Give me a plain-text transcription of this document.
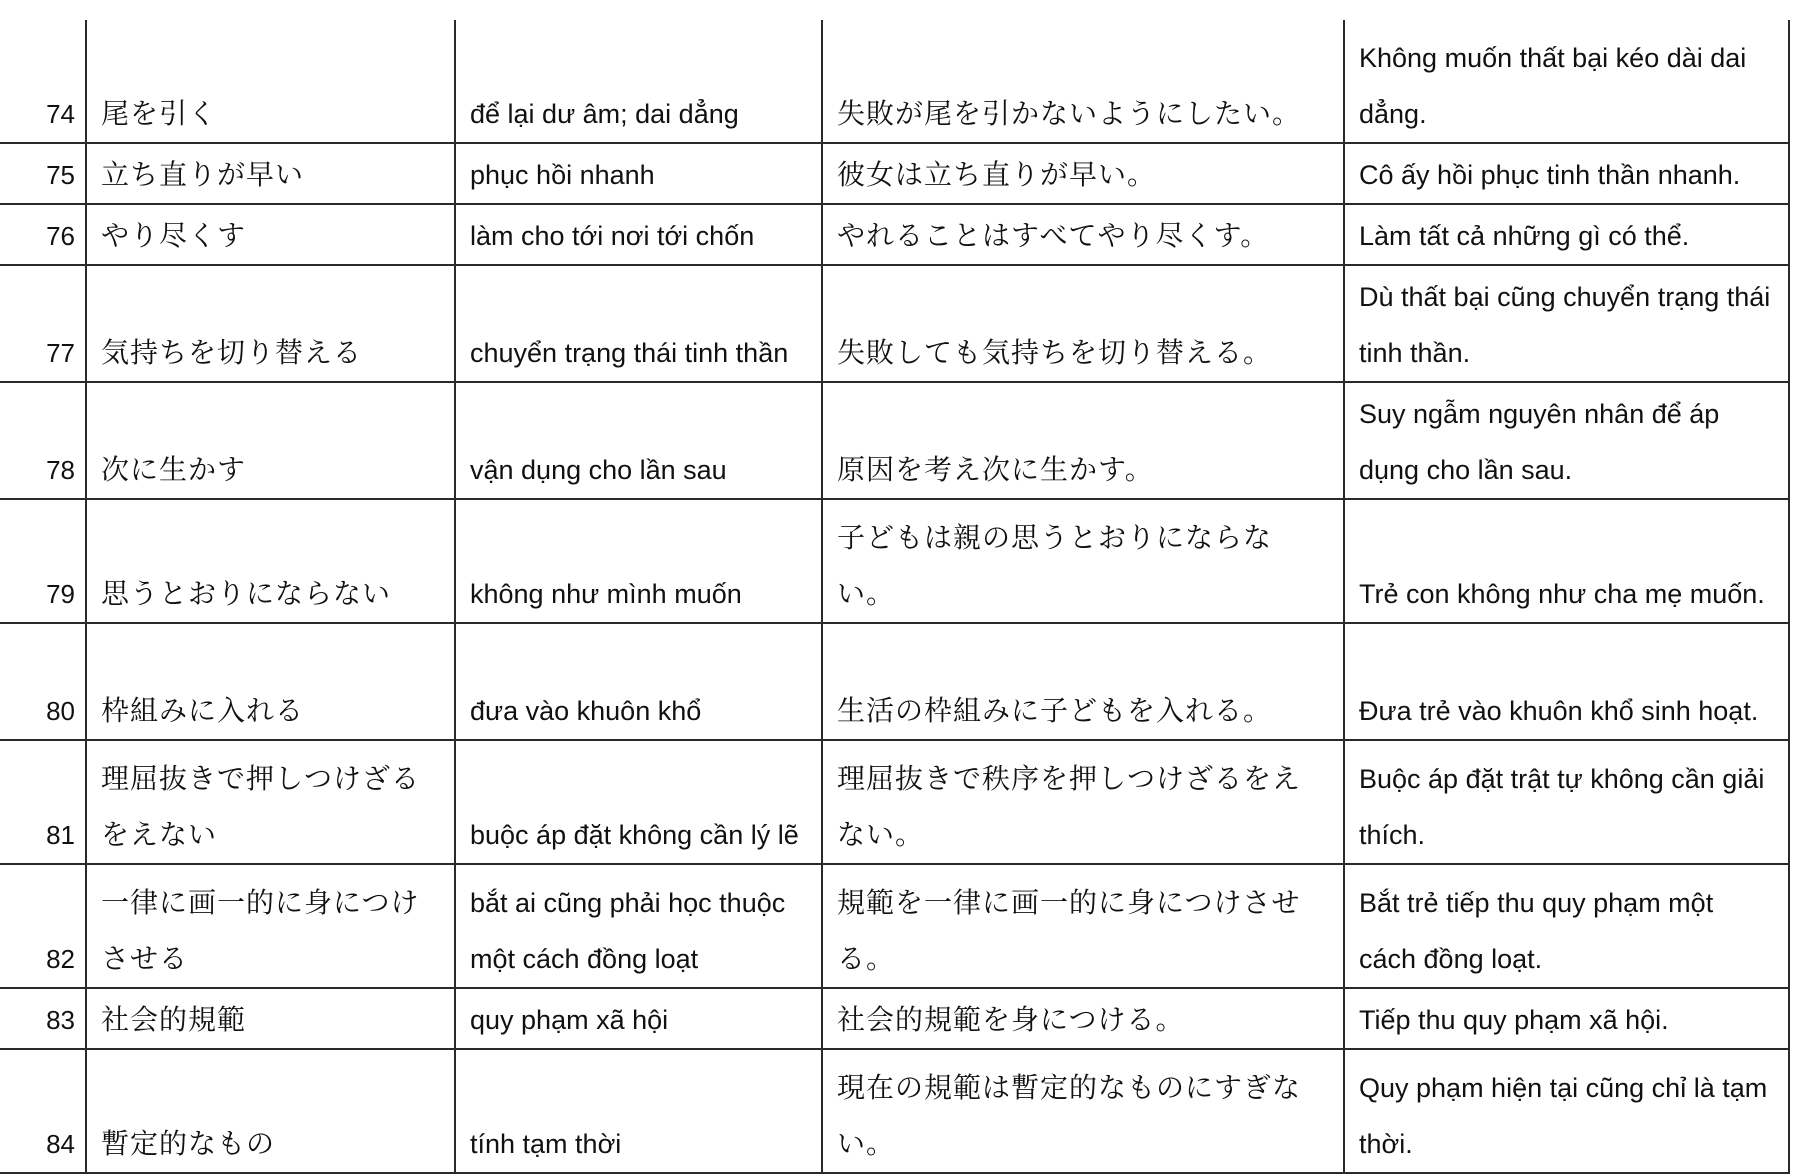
74	尾を引く	để lại dư âm; dai dẳng	失敗が尾を引かないようにしたい。	Không muốn thất bại kéo dài dai dẳng.
75	立ち直りが早い	phục hồi nhanh	彼女は立ち直りが早い。	Cô ấy hồi phục tinh thần nhanh.
76	やり尽くす	làm cho tới nơi tới chốn	やれることはすべてやり尽くす。	Làm tất cả những gì có thể.
77	気持ちを切り替える	chuyển trạng thái tinh thần	失敗しても気持ちを切り替える。	Dù thất bại cũng chuyển trạng thái tinh thần.
78	次に生かす	vận dụng cho lần sau	原因を考え次に生かす。	Suy ngẫm nguyên nhân để áp dụng cho lần sau.
79	思うとおりにならない	không như mình muốn	子どもは親の思うとおりにならない。	Trẻ con không như cha mẹ muốn.
80	枠組みに入れる	đưa vào khuôn khổ	生活の枠組みに子どもを入れる。	Đưa trẻ vào khuôn khổ sinh hoạt.
81	理屈抜きで押しつけざるをえない	buộc áp đặt không cần lý lẽ	理屈抜きで秩序を押しつけざるをえない。	Buộc áp đặt trật tự không cần giải thích.
82	一律に画一的に身につけさせる	bắt ai cũng phải học thuộc một cách đồng loạt	規範を一律に画一的に身につけさせる。	Bắt trẻ tiếp thu quy phạm một cách đồng loạt.
83	社会的規範	quy phạm xã hội	社会的規範を身につける。	Tiếp thu quy phạm xã hội.
84	暫定的なもの	tính tạm thời	現在の規範は暫定的なものにすぎない。	Quy phạm hiện tại cũng chỉ là tạm thời.
